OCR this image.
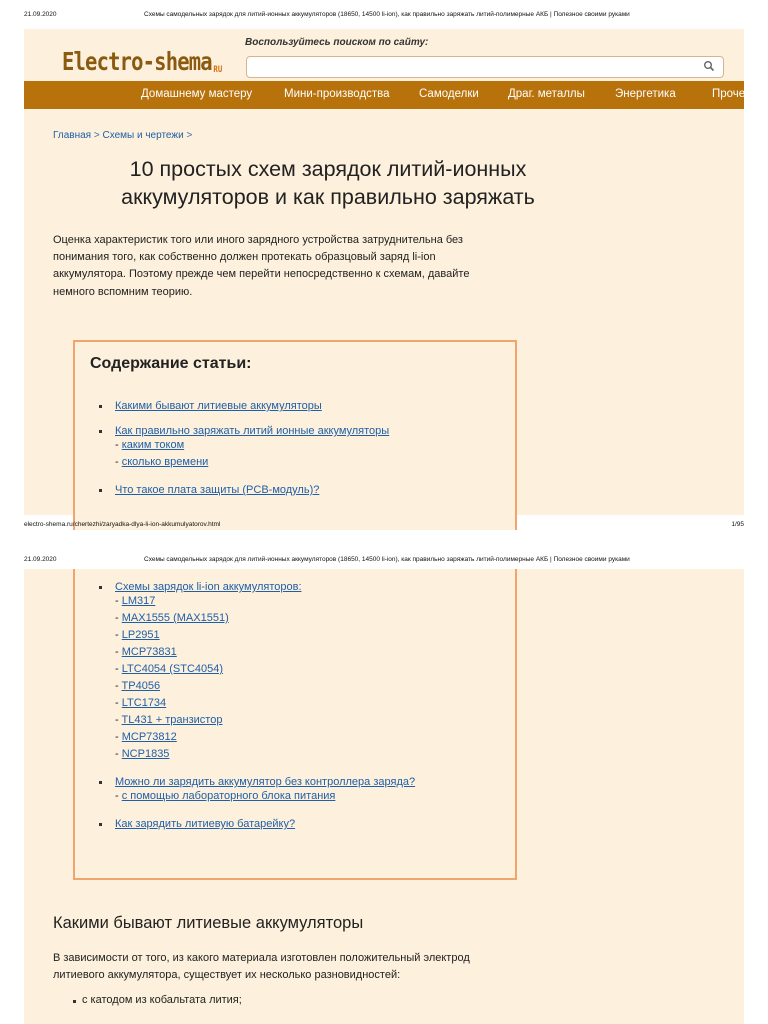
21.09.2020	Схемы самодельных зарядок для литий-ионных аккумуляторов (18650, 14500 li-ion), как правильно заряжать литий-полимерные АКБ | Полезное своими руками
Electro-shema RU
Воспользуйтесь поиском по сайту:
Домашнему мастеру	Мини-производства	Самоделки	Драг. металлы	Энергетика	Проче
Главная > Схемы и чертежи >
10 простых схем зарядок литий-ионных
аккумуляторов и как правильно заряжать
Оценка характеристик того или иного зарядного устройства затруднительна без
понимания того, как собственно должен протекать образцовый заряд li-ion
аккумулятора. Поэтому прежде чем перейти непосредственно к схемам, давайте
немного вспомним теорию.
Содержание статьи:
Какими бывают литиевые аккумуляторы
Как правильно заряжать литий ионные аккумуляторы
- каким током
- сколько времени
Что такое плата защиты (PCB-модуль)?
electro-shema.ru/chertezhi/zaryadka-dlya-li-ion-akkumulyatorov.html	1/95
21.09.2020	Схемы самодельных зарядок для литий-ионных аккумуляторов (18650, 14500 li-ion), как правильно заряжать литий-полимерные АКБ | Полезное своими руками
Схемы зарядок li-ion аккумуляторов:
- LM317
- MAX1555 (MAX1551)
- LP2951
- MCP73831
- LTC4054 (STC4054)
- TP4056
- LTC1734
- TL431 + транзистор
- MCP73812
- NCP1835
Можно ли зарядить аккумулятор без контроллера заряда?
- с помощью лабораторного блока питания
Как зарядить литиевую батарейку?
Какими бывают литиевые аккумуляторы

В зависимости от того, из какого материала изготовлен положительный электрод
литиевого аккумулятора, существует их несколько разновидностей:

с катодом из кобальтата лития;
